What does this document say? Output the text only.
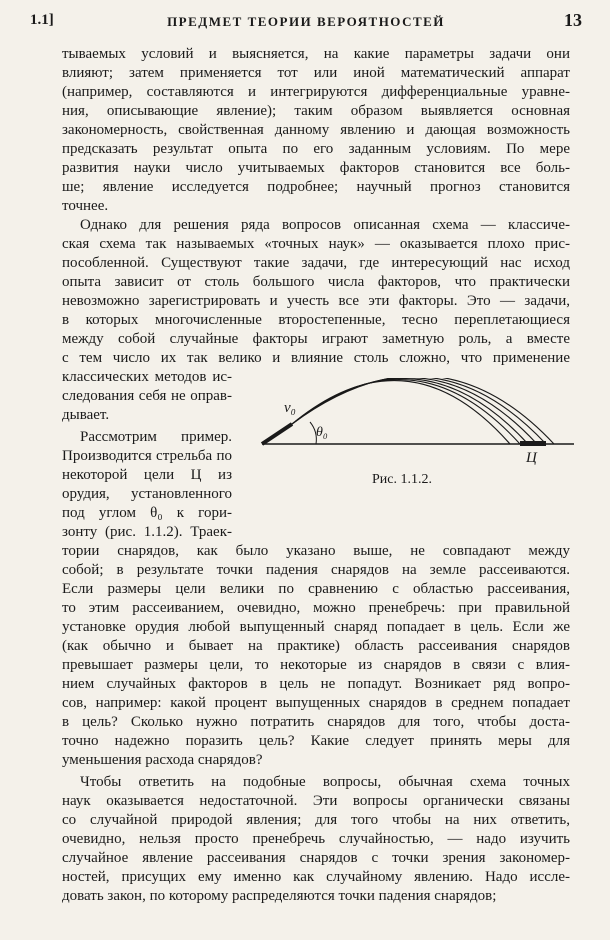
1.1]	ПРЕДМЕТ ТЕОРИИ ВЕРОЯТНОСТЕЙ	13
тываемых условий и выясняется, на какие параметры задачи они
влияют; затем применяется тот или иной математический аппарат
(например, составляются и интегрируются дифференциальные уравне-
ния, описывающие явление); таким образом выявляется основная
закономерность, свойственная данному явлению и дающая возможность
предсказать результат опыта по его заданным условиям. По мере
развития науки число учитываемых факторов становится все боль-
ше; явление исследуется подробнее; научный прогноз становится
точнее.
Однако для решения ряда вопросов описанная схема — классиче-
ская схема так называемых «точных наук» — оказывается плохо прис-
пособленной. Существуют такие задачи, где интересующий нас исход
опыта зависит от столь большого числа факторов, что практически
невозможно зарегистрировать и учесть все эти факторы. Это — задачи,
в которых многочисленные второстепенные, тесно переплетающиеся
между собой случайные факторы играют заметную роль, а вместе
с тем число их так велико и влияние столь сложно, что применение
классических методов ис-
следования себя не оправ-
дывает.
Рассмотрим пример.
Производится стрельба по
некоторой цели Ц из
орудия, установленного
под углом θ₀ к гори-
зонту (рис. 1.1.2). Траек-
тории снарядов, как было указано выше, не совпадают между
собой; в результате точки падения снарядов на земле рассеиваются.
Если размеры цели велики по сравнению с областью рассеивания,
то этим рассеиванием, очевидно, можно пренебречь: при правильной
установке орудия любой выпущенный снаряд попадает в цель. Если же
(как обычно и бывает на практике) область рассеивания снарядов
превышает размеры цели, то некоторые из снарядов в связи с влия-
нием случайных факторов в цель не попадут. Возникает ряд вопро-
сов, например: какой процент выпущенных снарядов в среднем попадает
в цель? Сколько нужно потратить снарядов для того, чтобы доста-
точно надежно поразить цель? Какие следует принять меры для
уменьшения расхода снарядов?
Чтобы ответить на подобные вопросы, обычная схема точных
наук оказывается недостаточной. Эти вопросы органически связаны
со случайной природой явления; для того чтобы на них ответить,
очевидно, нельзя просто пренебречь случайностью, — надо изучить
случайное явление рассеивания снарядов с точки зрения закономер-
ностей, присущих ему именно как случайному явлению. Надо иссле-
довать закон, по которому распределяются точки падения снарядов;
v₀
θ₀
Ц
Рис. 1.1.2.
